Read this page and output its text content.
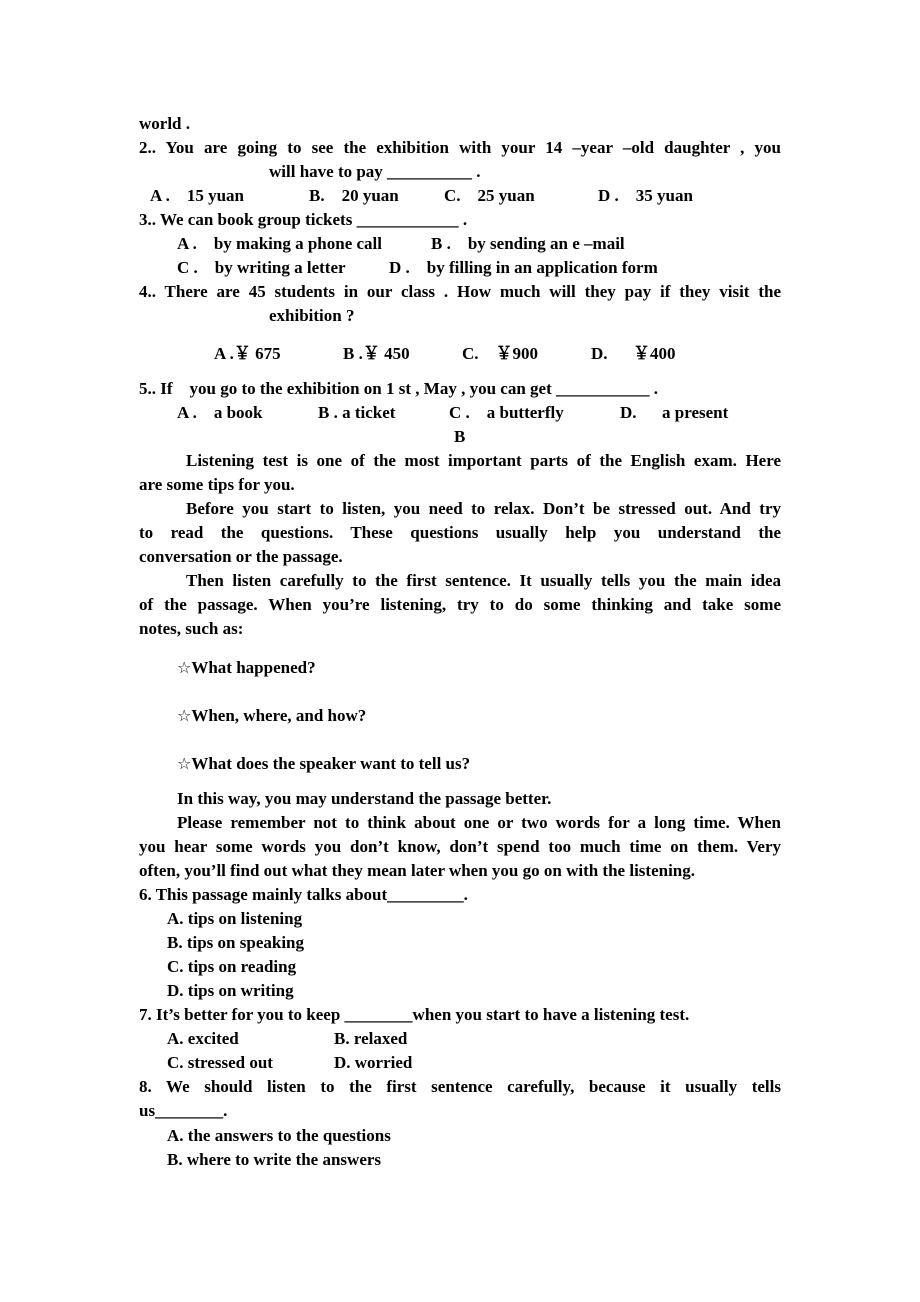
world .
2.. You are going to see the exhibition with your 14 –year –old daughter , you
will have to pay __________ .
A .    15 yuan	B.    20 yuan	C.    25 yuan	D .    35 yuan
3.. We can book group tickets ____________ .
A .    by making a phone call	B .    by sending an e –mail
C .    by writing a letter	D .    by filling in an application form
4.. There are 45 students in our class . How much will they pay if they visit the
exhibition ?
A .￥ 675	B .￥ 450	C.    ￥900	D.      ￥400
5.. If    you go to the exhibition on 1 st , May , you can get ___________ .
A .    a book	B . a ticket	C .    a butterfly	D.      a present
B
Listening test is one of the most important parts of the English exam. Here
are some tips for you.
Before you start to listen, you need to relax. Don’t be stressed out. And try
to read the questions. These questions usually help you understand the
conversation or the passage.
Then listen carefully to the first sentence. It usually tells you the main idea
of the passage. When you’re listening, try to do some thinking and take some
notes, such as:
☆What happened?
☆When, where, and how?
☆What does the speaker want to tell us?
In this way, you may understand the passage better.
Please remember not to think about one or two words for a long time. When
you hear some words you don’t know, don’t spend too much time on them. Very
often, you’ll find out what they mean later when you go on with the listening.
6. This passage mainly talks about_________.
A. tips on listening
B. tips on speaking
C. tips on reading
D. tips on writing
7. It’s better for you to keep ________when you start to have a listening test.
A. excited	B. relaxed
C. stressed out	D. worried
8. We should listen to the first sentence carefully, because it usually tells
us________.
A. the answers to the questions
B. where to write the answers
